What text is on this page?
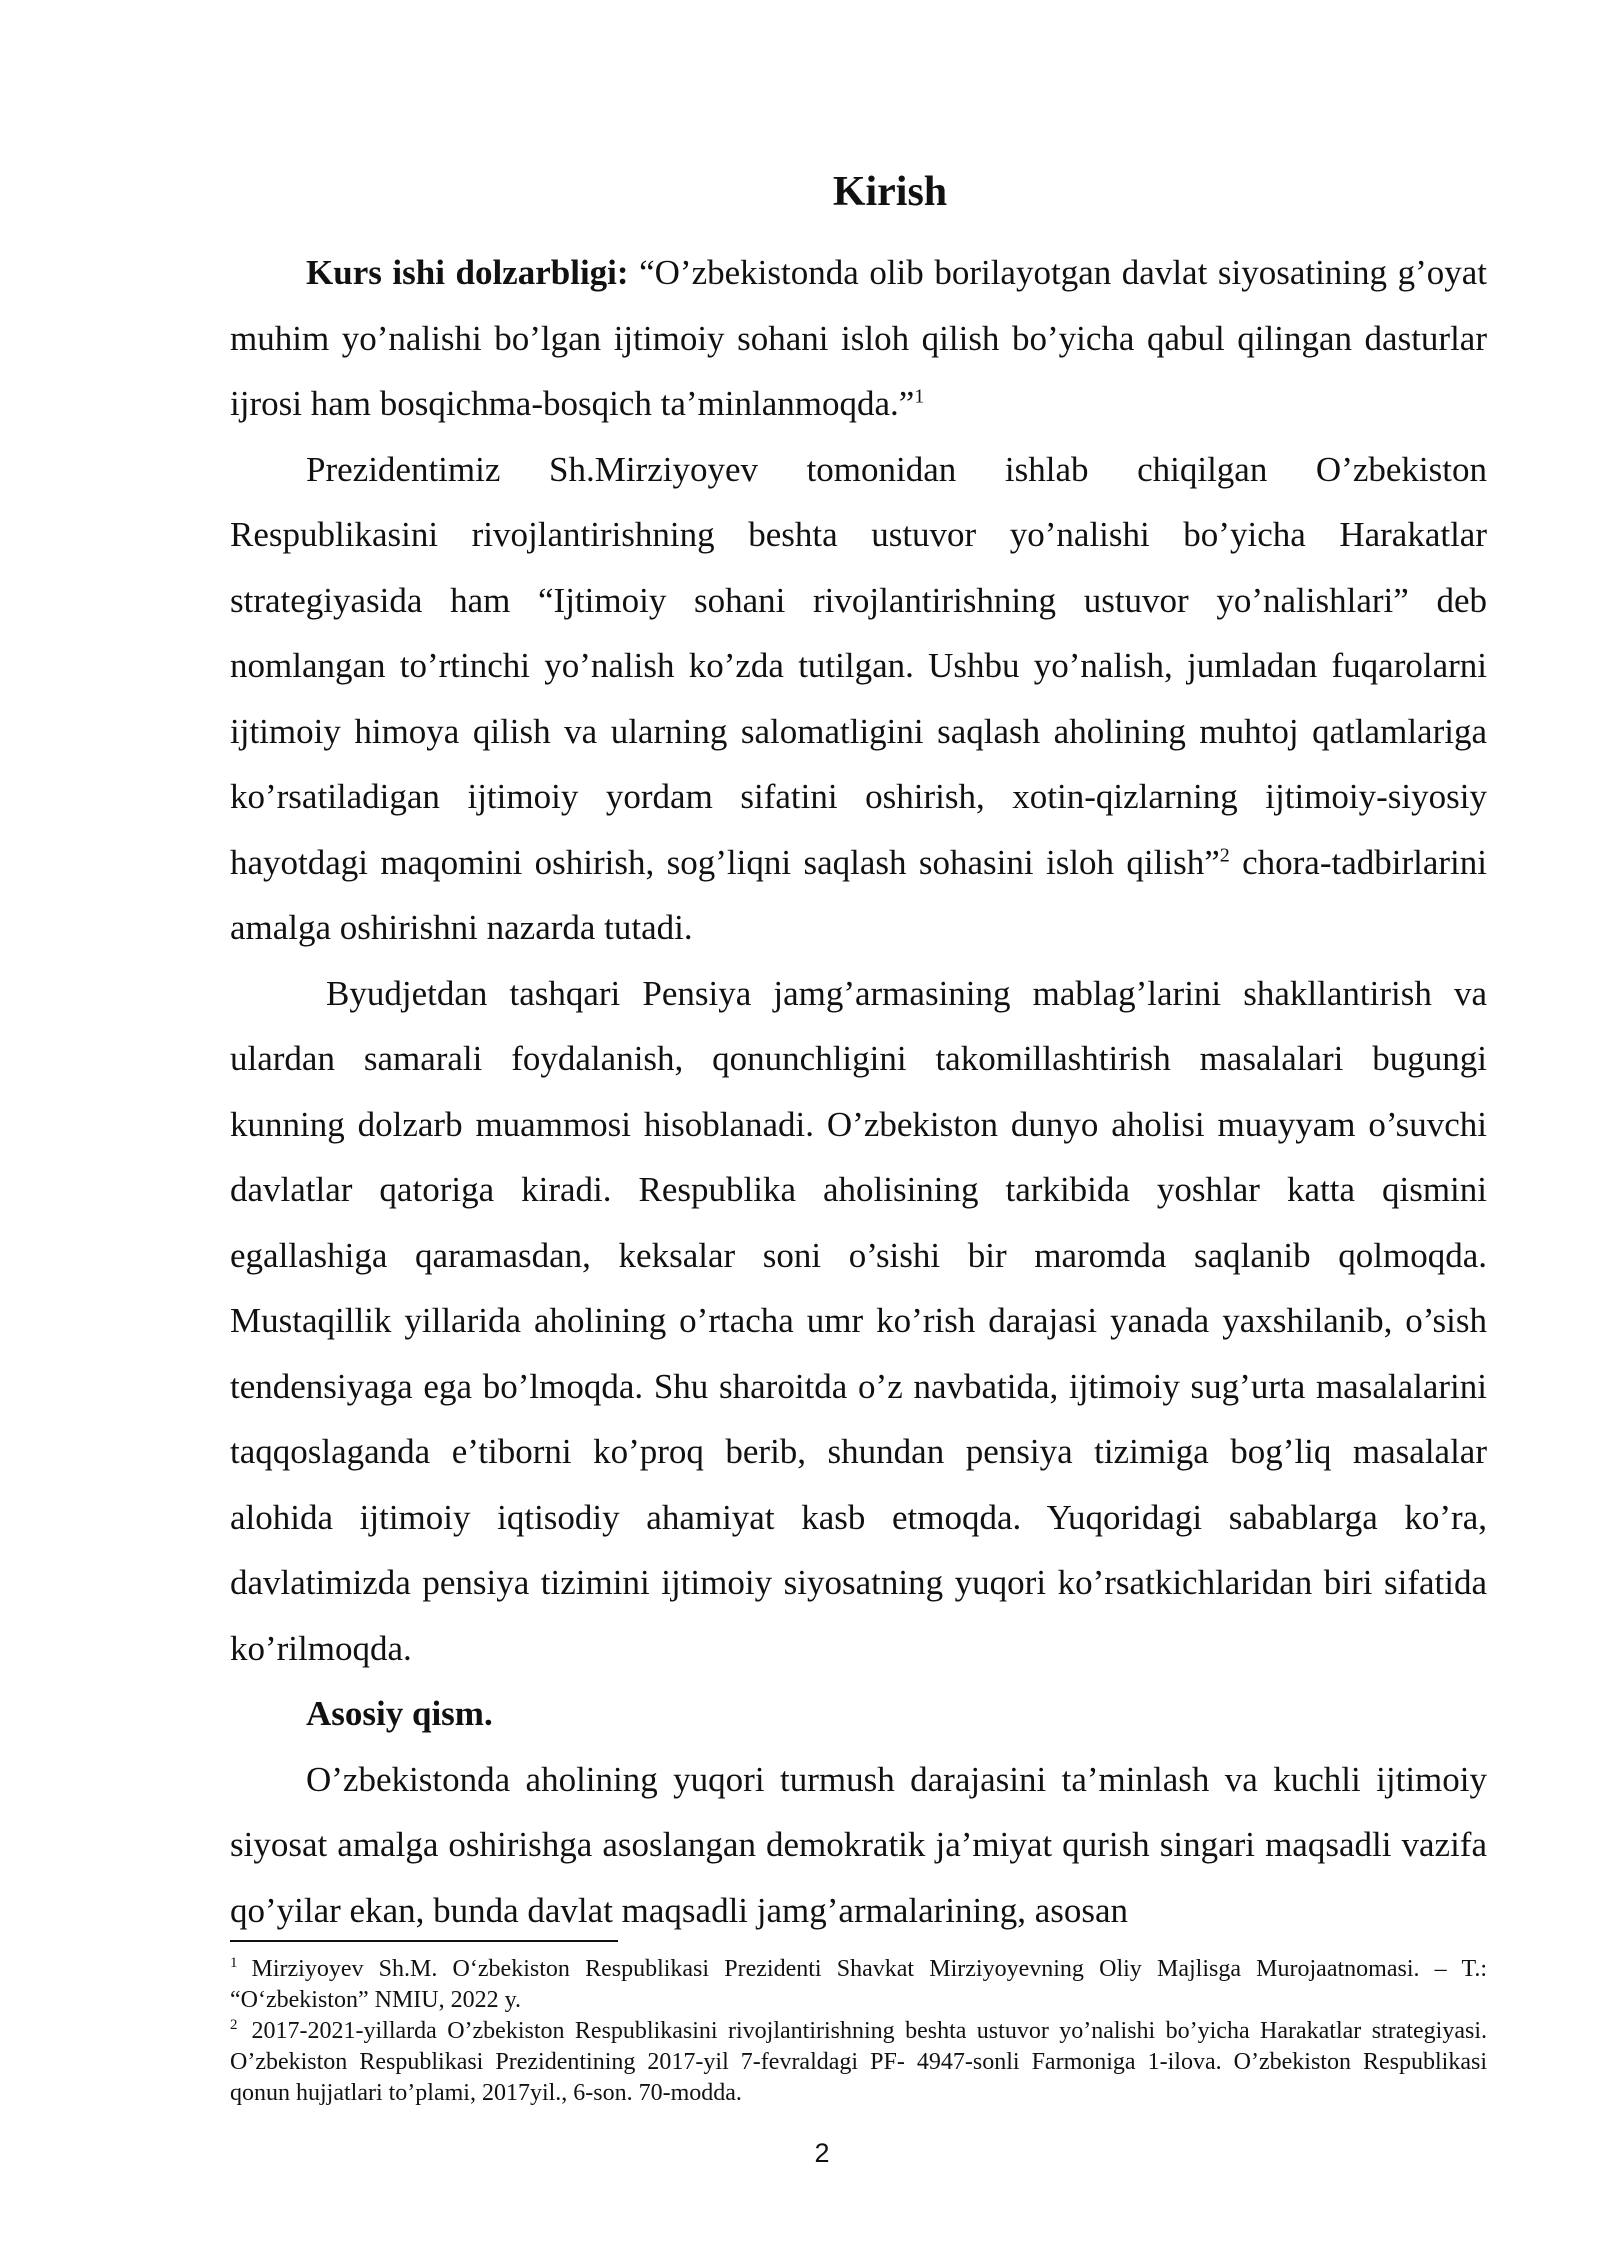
Kirish

Kurs ishi dolzarbligi: “O’zbekistonda olib borilayotgan davlat siyosatining g’oyat muhim yo’nalishi bo’lgan ijtimoiy sohani isloh qilish bo’yicha qabul qilingan dasturlar ijrosi ham bosqichma-bosqich ta’minlanmoqda.”$^1$

Prezidentimiz Sh.Mirziyoyev tomonidan ishlab chiqilgan O’zbekiston Respublikasini rivojlantirishning beshta ustuvor yo’nalishi bo’yicha Harakatlar strategiyasida ham “Ijtimoiy sohani rivojlantirishning ustuvor yo’nalishlari” deb nomlangan to’rtinchi yo’nalish ko’zda tutilgan. Ushbu yo’nalish, jumladan fuqarolarni ijtimoiy himoya qilish va ularning salomatligini saqlash aholining muhtoj qatlamlariga ko’rsatiladigan ijtimoiy yordam sifatini oshirish, xotin-qizlarning ijtimoiy-siyosiy hayotdagi maqomini oshirish, sog’liqni saqlash sohasini isloh qilish”$^2$ chora-tadbirlarini amalga oshirishni nazarda tutadi.

Byudjetdan tashqari Pensiya jamg’armasining mablag’larini shakllantirish va ulardan samarali foydalanish, qonunchligini takomillashtirish masalalari bugungi kunning dolzarb muammosi hisoblanadi. O’zbekiston dunyo aholisi muayyam o’suvchi davlatlar qatoriga kiradi. Respublika aholisining tarkibida yoshlar katta qismini egallashiga qaramasdan, keksalar soni o’sishi bir maromda saqlanib qolmoqda. Mustaqillik yillarida aholining o’rtacha umr ko’rish darajasi yanada yaxshilanib, o’sish tendensiyaga ega bo’lmoqda. Shu sharoitda o’z navbatida, ijtimoiy sug’urta masalalarini taqqoslaganda e’tiborni ko’proq berib, shundan pensiya tizimiga bog’liq masalalar alohida ijtimoiy iqtisodiy ahamiyat kasb etmoqda. Yuqoridagi sabablarga ko’ra, davlatimizda pensiya tizimini ijtimoiy siyosatning yuqori ko’rsatkichlaridan biri sifatida ko’rilmoqda.

Asosiy qism.

O’zbekistonda aholining yuqori turmush darajasini ta’minlash va kuchli ijtimoiy siyosat amalga oshirishga asoslangan demokratik ja’miyat qurish singari maqsadli vazifa qo’yilar ekan, bunda davlat maqsadli jamg’armalarining, asosan

$^1$ Mirziyoyev Sh.M. O‘zbekiston Respublikasi Prezidenti Shavkat Mirziyoyevning Oliy Majlisga Murojaatnomasi. – T.: “O‘zbekiston” NMIU, 2022 y.

$^2$ 2017-2021-yillarda O’zbekiston Respublikasini rivojlantirishning beshta ustuvor yo’nalishi bo’yicha Harakatlar strategiyasi. O’zbekiston Respublikasi Prezidentining 2017-yil 7-fevraldagi PF- 4947-sonli Farmoniga 1-ilova. O’zbekiston Respublikasi qonun hujjatlari to’plami, 2017yil., 6-son. 70-modda.

2
